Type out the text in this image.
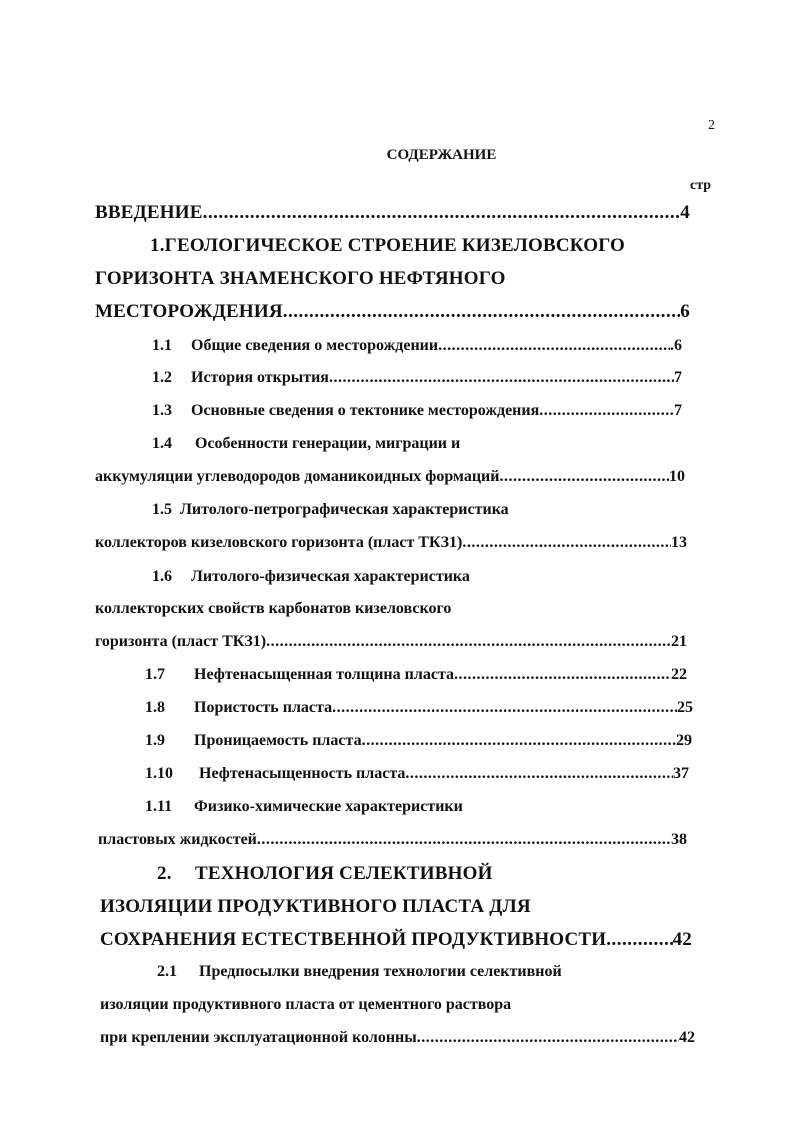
2
СОДЕРЖАНИЕ
стр
ВВЕДЕНИЕ .....	4
1.ГЕОЛОГИЧЕСКОЕ СТРОЕНИЕ КИЗЕЛОВСКОГО
ГОРИЗОНТА ЗНАМЕНСКОГО НЕФТЯНОГО
МЕСТОРОЖДЕНИЯ .....	6
1.1 Общие сведения о месторождении .....	.6
1.2 История открытия .....	7
1.3 Основные сведения о тектонике месторождения .....	7
1.4 Особенности генерации, миграции и
аккумуляции углеводородов доманикоидных формаций .....	10
1.5 Литолого-петрографическая характеристика
коллекторов кизеловского горизонта (пласт ТКЗ1) .....	13
1.6 Литолого-физическая характеристика
коллекторских свойств карбонатов кизеловского
горизонта (пласт ТКЗ1) .....	21
1.7 Нефтенасыщенная толщина пласта .....	22
1.8 Пористость пласта .....	25
1.9 Проницаемость пласта .....	29
1.10 Нефтенасыщенность пласта .....	37
1.11 Физико-химические характеристики
пластовых жидкостей .....	38
2. ТЕХНОЛОГИЯ СЕЛЕКТИВНОЙ
ИЗОЛЯЦИИ ПРОДУКТИВНОГО ПЛАСТА ДЛЯ
СОХРАНЕНИЯ ЕСТЕСТВЕННОЙ ПРОДУКТИВНОСТИ .....	42
2.1 Предпосылки внедрения технологии селективной
изоляции продуктивного пласта от цементного раствора
при креплении эксплуатационной колонны .....	42
